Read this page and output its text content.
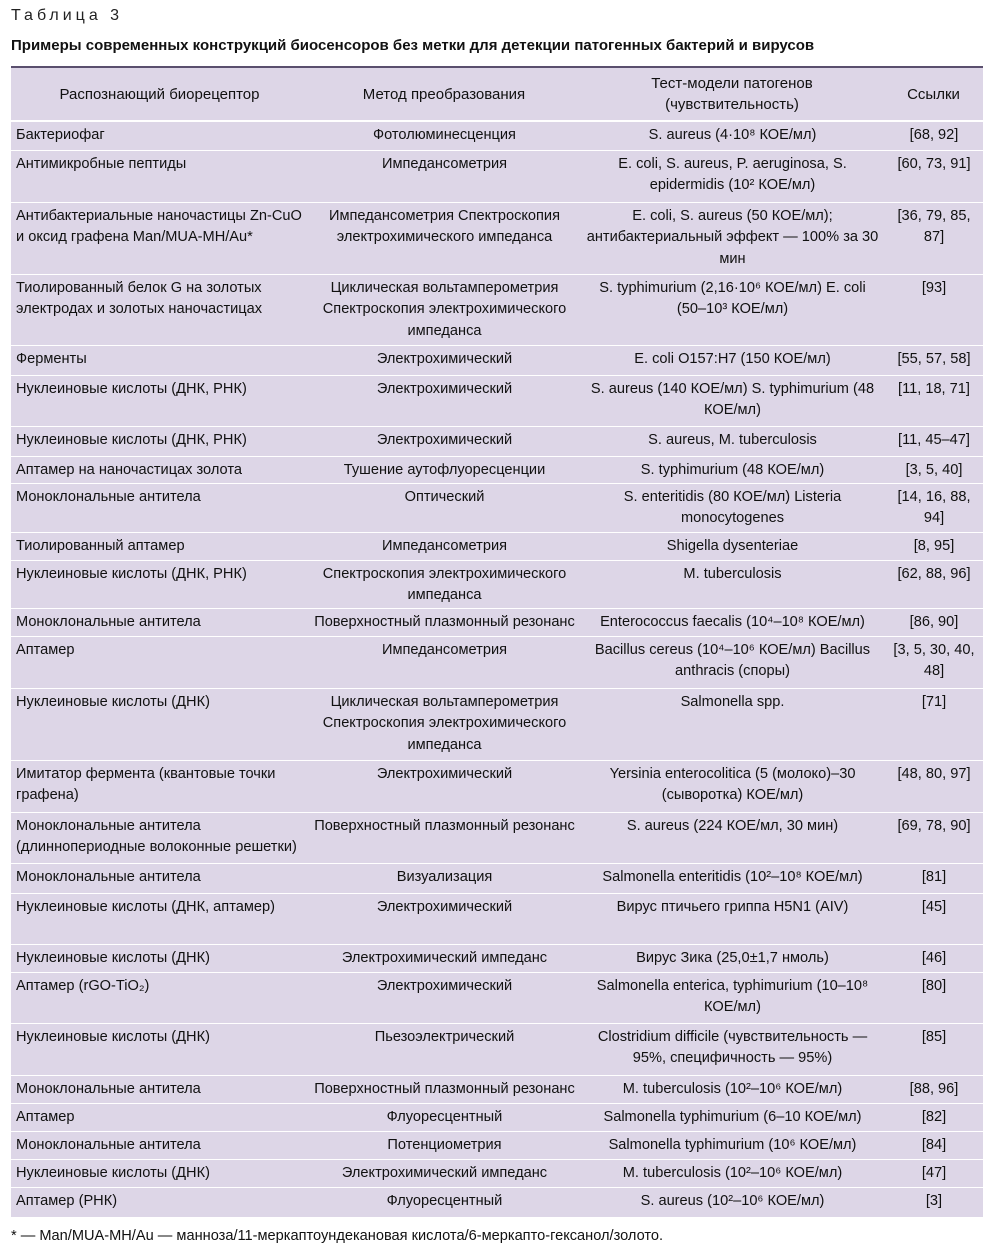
Таблица 3
Примеры современных конструкций биосенсоров без метки для детекции патогенных бактерий и вирусов
Распознающий биорецептор	Метод преобразования	Тест-модели патогенов (чувствительность)	Ссылки
Бактериофаг	Фотолюминесценция	S. aureus (4·10⁸ КОЕ/мл)	[68, 92]
Антимикробные пептиды	Импедансометрия	E. coli, S. aureus, P. aeruginosa, S. epidermidis (10² КОЕ/мл)	[60, 73, 91]
Антибактериальные наночастицы Zn-CuO и оксид графена Man/MUA-MH/Au*	Импедансометрия Спектроскопия электрохимического импеданса	E. coli, S. aureus (50 КОЕ/мл); антибактериальный эффект — 100% за 30 мин	[36, 79, 85, 87]
Тиолированный белок G на золотых электродах и золотых наночастицах	Циклическая вольтамперометрия Спектроскопия электрохимического импеданса	S. typhimurium (2,16·10⁶ КОЕ/мл) E. coli (50–10³ КОЕ/мл)	[93]
Ферменты	Электрохимический	E. coli O157:H7 (150 КОЕ/мл)	[55, 57, 58]
Нуклеиновые кислоты (ДНК, РНК)	Электрохимический	S. aureus (140 КОЕ/мл) S. typhimurium (48 КОЕ/мл)	[11, 18, 71]
Нуклеиновые кислоты (ДНК, РНК)	Электрохимический	S. aureus, M. tuberculosis	[11, 45–47]
Аптамер на наночастицах золота	Тушение аутофлуоресценции	S. typhimurium (48 КОЕ/мл)	[3, 5, 40]
Моноклональные антитела	Оптический	S. enteritidis (80 КОЕ/мл) Listeria monocytogenes	[14, 16, 88, 94]
Тиолированный аптамер	Импедансометрия	Shigella dysenteriae	[8, 95]
Нуклеиновые кислоты (ДНК, РНК)	Спектроскопия электрохимического импеданса	M. tuberculosis	[62, 88, 96]
Моноклональные антитела	Поверхностный плазмонный резонанс	Enterococcus faecalis (10⁴–10⁸ КОЕ/мл)	[86, 90]
Аптамер	Импедансометрия	Bacillus cereus (10⁴–10⁶ КОЕ/мл) Bacillus anthracis (споры)	[3, 5, 30, 40, 48]
Нуклеиновые кислоты (ДНК)	Циклическая вольтамперометрия Спектроскопия электрохимического импеданса	Salmonella spp.	[71]
Имитатор фермента (квантовые точки графена)	Электрохимический	Yersinia enterocolitica (5 (молоко)–30 (сыворотка) КОЕ/мл)	[48, 80, 97]
Моноклональные антитела (длиннопериодные волоконные решетки)	Поверхностный плазмонный резонанс	S. aureus (224 КОЕ/мл, 30 мин)	[69, 78, 90]
Моноклональные антитела	Визуализация	Salmonella enteritidis (10²–10⁸ КОЕ/мл)	[81]
Нуклеиновые кислоты (ДНК, аптамер)	Электрохимический	Вирус птичьего гриппа H5N1 (AIV)	[45]
Нуклеиновые кислоты (ДНК)	Электрохимический импеданс	Вирус Зика (25,0±1,7 нмоль)	[46]
Аптамер (rGO-TiO₂)	Электрохимический	Salmonella enterica, typhimurium (10–10⁸ КОЕ/мл)	[80]
Нуклеиновые кислоты (ДНК)	Пьезоэлектрический	Clostridium difficile (чувствительность — 95%, специфичность — 95%)	[85]
Моноклональные антитела	Поверхностный плазмонный резонанс	M. tuberculosis (10²–10⁶ КОЕ/мл)	[88, 96]
Аптамер	Флуоресцентный	Salmonella typhimurium (6–10 КОЕ/мл)	[82]
Моноклональные антитела	Потенциометрия	Salmonella typhimurium (10⁶ КОЕ/мл)	[84]
Нуклеиновые кислоты (ДНК)	Электрохимический импеданс	M. tuberculosis (10²–10⁶ КОЕ/мл)	[47]
Аптамер (РНК)	Флуоресцентный	S. aureus (10²–10⁶ КОЕ/мл)	[3]
* — Man/MUA-MH/Au — манноза/11-меркаптоундекановая кислота/6-меркапто-гексанол/золото.
